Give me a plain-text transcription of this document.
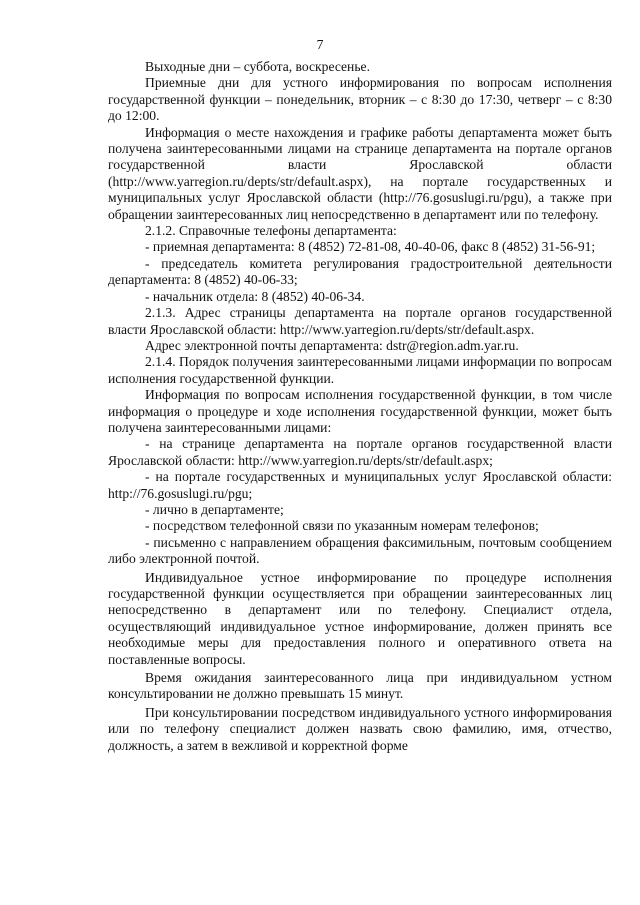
7

Выходные дни – суббота, воскресенье.

Приемные дни для устного информирования по вопросам исполнения государственной функции – понедельник, вторник – с 8:30 до 17:30, четверг – с 8:30 до 12:00.

Информация о месте нахождения и графике работы департамента может быть получена заинтересованными лицами на странице департамента на портале органов государственной власти Ярославской области (http://www.yarregion.ru/depts/str/default.aspx), на портале государственных и муниципальных услуг Ярославской области (http://76.gosuslugi.ru/pgu), а также при обращении заинтересованных лиц непосредственно в департамент или по телефону.

2.1.2. Справочные телефоны департамента:

- приемная департамента: 8 (4852) 72-81-08, 40-40-06, факс 8 (4852) 31-56-91;

- председатель комитета регулирования градостроительной деятельности департамента: 8 (4852) 40-06-33;

- начальник отдела: 8 (4852) 40-06-34.

2.1.3. Адрес страницы департамента на портале органов государственной власти Ярославской области: http://www.yarregion.ru/depts/str/default.aspx.

Адрес электронной почты департамента: dstr@region.adm.yar.ru.

2.1.4. Порядок получения заинтересованными лицами информации по вопросам исполнения государственной функции.

Информация по вопросам исполнения государственной функции, в том числе информация о процедуре и ходе исполнения государственной функции, может быть получена заинтересованными лицами:

- на странице департамента на портале органов государственной власти Ярославской области: http://www.yarregion.ru/depts/str/default.aspx;

- на портале государственных и муниципальных услуг Ярославской области: http://76.gosuslugi.ru/pgu;

- лично в департаменте;

- посредством телефонной связи по указанным номерам телефонов;

- письменно с направлением обращения факсимильным, почтовым сообщением либо электронной почтой.

Индивидуальное устное информирование по процедуре исполнения государственной функции осуществляется при обращении заинтересованных лиц непосредственно в департамент или по телефону. Специалист отдела, осуществляющий индивидуальное устное информирование, должен принять все необходимые меры для предоставления полного и оперативного ответа на поставленные вопросы.

Время ожидания заинтересованного лица при индивидуальном устном консультировании не должно превышать 15 минут.

При консультировании посредством индивидуального устного информирования или по телефону специалист должен назвать свою фамилию, имя, отчество, должность, а затем в вежливой и корректной форме
